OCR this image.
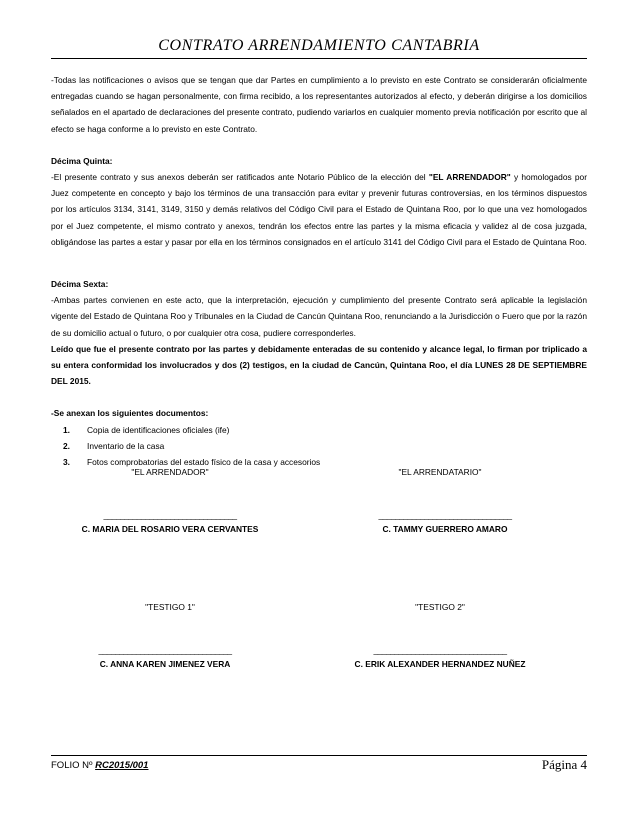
CONTRATO ARRENDAMIENTO CANTABRIA

-Todas las notificaciones o avisos que se tengan que dar Partes en cumplimiento a lo previsto en este Contrato se considerarán oficialmente entregadas cuando se hagan personalmente, con firma recibido, a los representantes autorizados al efecto, y deberán dirigirse a los domicilios señalados en el apartado de declaraciones del presente contrato, pudiendo variarlos en cualquier momento previa notificación por escrito que al efecto se haga conforme a lo previsto en este Contrato.

Décima Quinta:

-El presente contrato y sus anexos deberán ser ratificados ante Notario Público de la elección del "EL ARRENDADOR" y homologados por Juez competente en concepto y bajo los términos de una transacción para evitar y prevenir futuras controversias, en los términos dispuestos por los artículos 3134, 3141, 3149, 3150 y demás relativos del Código Civil para el Estado de Quintana Roo, por lo que una vez homologados por el Juez competente, el mismo contrato y anexos, tendrán los efectos entre las partes y la misma eficacia y validez al de cosa juzgada, obligándose las partes a estar y pasar por ella en los términos consignados en el artículo 3141 del Código Civil para el Estado de Quintana Roo.

Décima Sexta:

-Ambas partes convienen en este acto, que la interpretación, ejecución y cumplimiento del presente Contrato será aplicable la legislación vigente del Estado de Quintana Roo y Tribunales en la Ciudad de Cancún Quintana Roo, renunciando a la Jurisdicción o Fuero que por la razón de su domicilio actual o futuro, o por cualquier otra cosa, pudiere corresponderles.

Leído que fue el presente contrato por las partes y debidamente enteradas de su contenido y alcance legal, lo firman por triplicado a su entera conformidad los involucrados y dos (2) testigos, en la ciudad de Cancún, Quintana Roo, el día LUNES 28 DE SEPTIEMBRE DEL 2015.

-Se anexan los siguientes documentos:

1.	Copia de identificaciones oficiales (ife)
2.	Inventario de la casa
3.	Fotos comprobatorias del estado físico de la casa y accesorios
"EL ARRENDADOR"
________________________________
C. MARIA DEL ROSARIO VERA CERVANTES
"EL ARRENDATARIO"
________________________________
C. TAMMY GUERRERO AMARO
"TESTIGO 1"
________________________________
C. ANNA KAREN JIMENEZ VERA
"TESTIGO 2"
________________________________
C. ERIK ALEXANDER HERNANDEZ NUÑEZ
FOLIO Nº RC2015/001	Página 4
